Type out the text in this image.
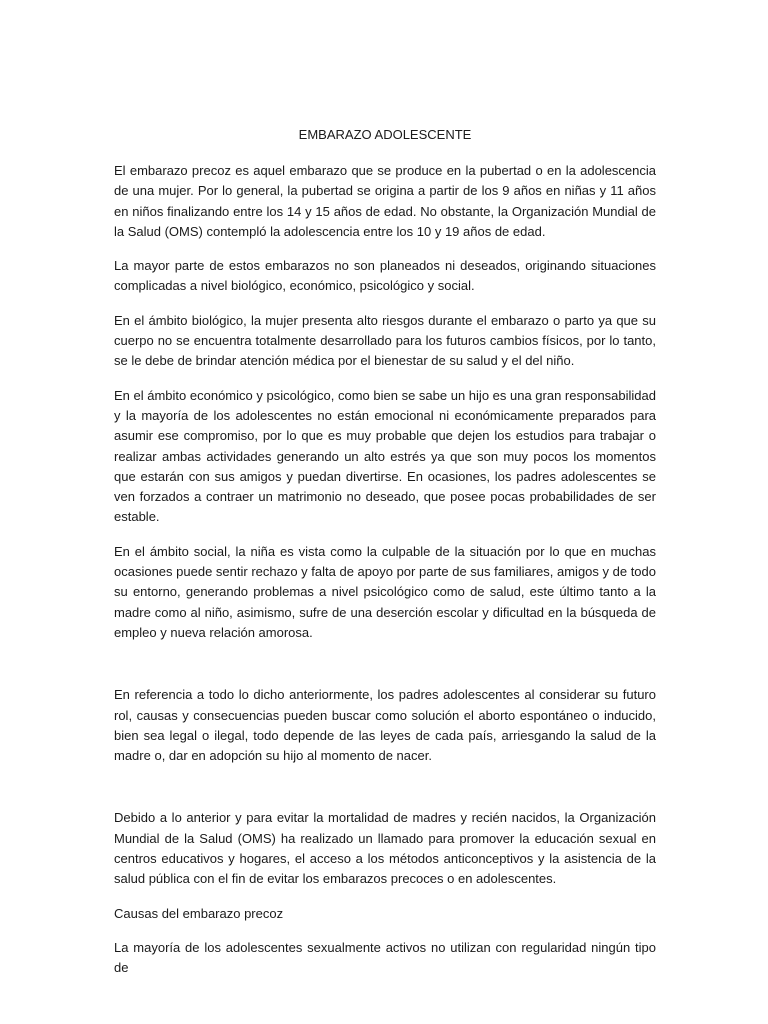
EMBARAZO ADOLESCENTE

El embarazo precoz es aquel embarazo que se produce en la pubertad o en la adolescencia de una mujer. Por lo general, la pubertad se origina a partir de los 9 años en niñas y 11 años en niños finalizando entre los 14 y 15 años de edad. No obstante, la Organización Mundial de la Salud (OMS) contempló la adolescencia entre los 10 y 19 años de edad.

La mayor parte de estos embarazos no son planeados ni deseados, originando situaciones complicadas a nivel biológico, económico, psicológico y social.

En el ámbito biológico, la mujer presenta alto riesgos durante el embarazo o parto ya que su cuerpo no se encuentra totalmente desarrollado para los futuros cambios físicos, por lo tanto, se le debe de brindar atención médica por el bienestar de su salud y el del niño.

En el ámbito económico y psicológico, como bien se sabe un hijo es una gran responsabilidad y la mayoría de los adolescentes no están emocional ni económicamente preparados para asumir ese compromiso, por lo que es muy probable que dejen los estudios para trabajar o realizar ambas actividades generando un alto estrés ya que son muy pocos los momentos que estarán con sus amigos y puedan divertirse. En ocasiones, los padres adolescentes se ven forzados a contraer un matrimonio no deseado, que posee pocas probabilidades de ser estable.

En el ámbito social, la niña es vista como la culpable de la situación por lo que en muchas ocasiones puede sentir rechazo y falta de apoyo por parte de sus familiares, amigos y de todo su entorno, generando problemas a nivel psicológico como de salud, este último tanto a la madre como al niño, asimismo, sufre de una deserción escolar y dificultad en la búsqueda de empleo y nueva relación amorosa.

En referencia a todo lo dicho anteriormente, los padres adolescentes al considerar su futuro rol, causas y consecuencias pueden buscar como solución el aborto espontáneo o inducido, bien sea legal o ilegal, todo depende de las leyes de cada país, arriesgando la salud de la madre o, dar en adopción su hijo al momento de nacer.

Debido a lo anterior y para evitar la mortalidad de madres y recién nacidos, la Organización Mundial de la Salud (OMS) ha realizado un llamado para promover la educación sexual en centros educativos y hogares, el acceso a los métodos anticonceptivos y la asistencia de la salud pública con el fin de evitar los embarazos precoces o en adolescentes.

Causas del embarazo precoz

La mayoría de los adolescentes sexualmente activos no utilizan con regularidad ningún tipo de
